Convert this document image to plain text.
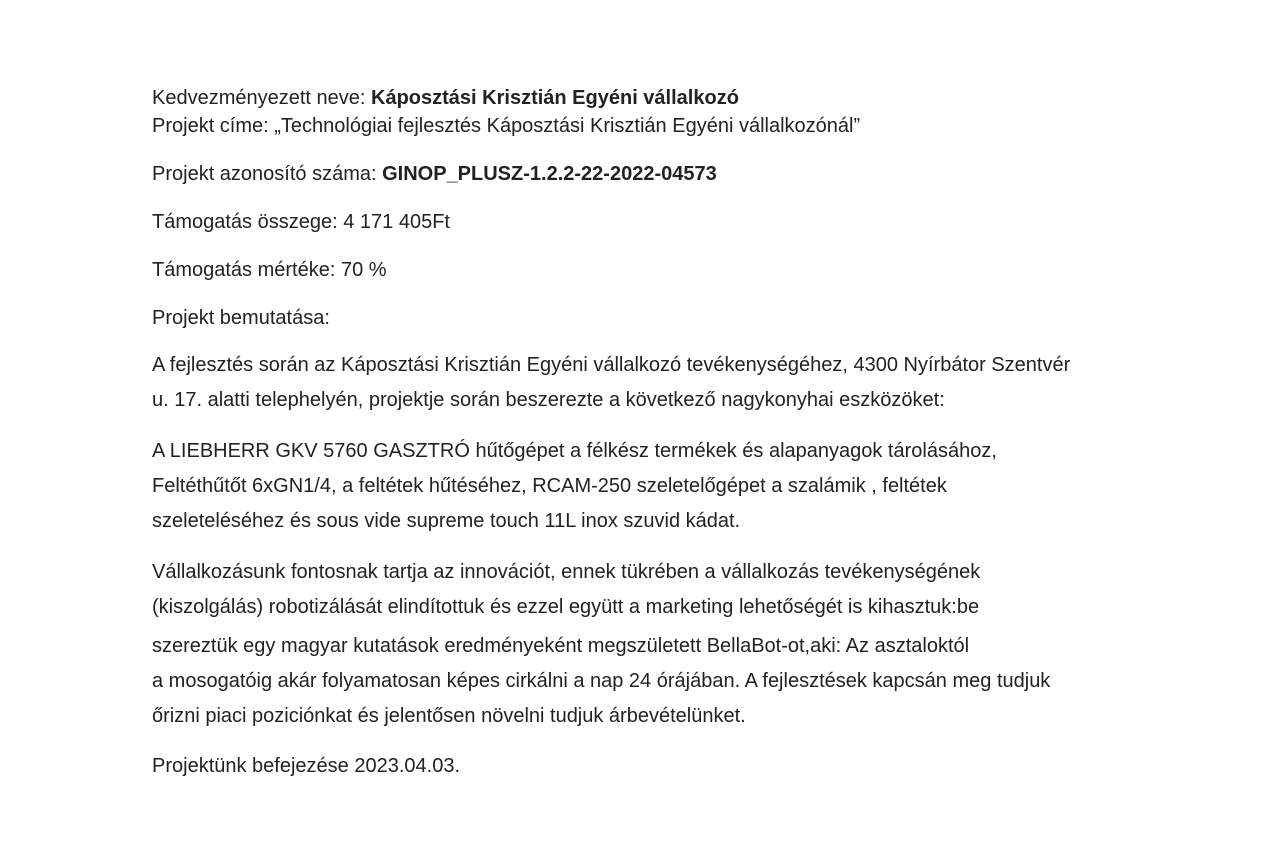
Kedvezményezett neve: Káposztási Krisztián Egyéni vállalkozó
Projekt címe: „Technológiai fejlesztés Káposztási Krisztián Egyéni vállalkozónál”
Projekt azonosító száma: GINOP_PLUSZ-1.2.2-22-2022-04573
Támogatás összege: 4 171 405Ft
Támogatás mértéke: 70 %
Projekt bemutatása:
A fejlesztés során az Káposztási Krisztián Egyéni vállalkozó tevékenységéhez, 4300 Nyírbátor Szentvér
u. 17. alatti telephelyén, projektje során beszerezte a következő nagykonyhai eszközöket:
A LIEBHERR GKV 5760 GASZTRÓ hűtőgépet a félkész termékek és alapanyagok tárolásához,
Feltéthűtőt 6xGN1/4, a feltétek hűtéséhez, RCAM-250 szeletelőgépet a szalámik , feltétek
szeleteléséhez és sous vide supreme touch 11L inox szuvid kádat.
Vállalkozásunk fontosnak tartja az innovációt, ennek tükrében a vállalkozás tevékenységének
(kiszolgálás) robotizálását elindítottuk és ezzel együtt a marketing lehetőségét is kihasztuk:be
szereztük egy magyar kutatások eredményeként megszületett BellaBot-ot,aki: Az asztaloktól
a mosogatóig akár folyamatosan képes cirkálni a nap 24 órájában. A fejlesztések kapcsán meg tudjuk
őrizni piaci poziciónkat és jelentősen növelni tudjuk árbevételünket.
Projektünk befejezése 2023.04.03.
